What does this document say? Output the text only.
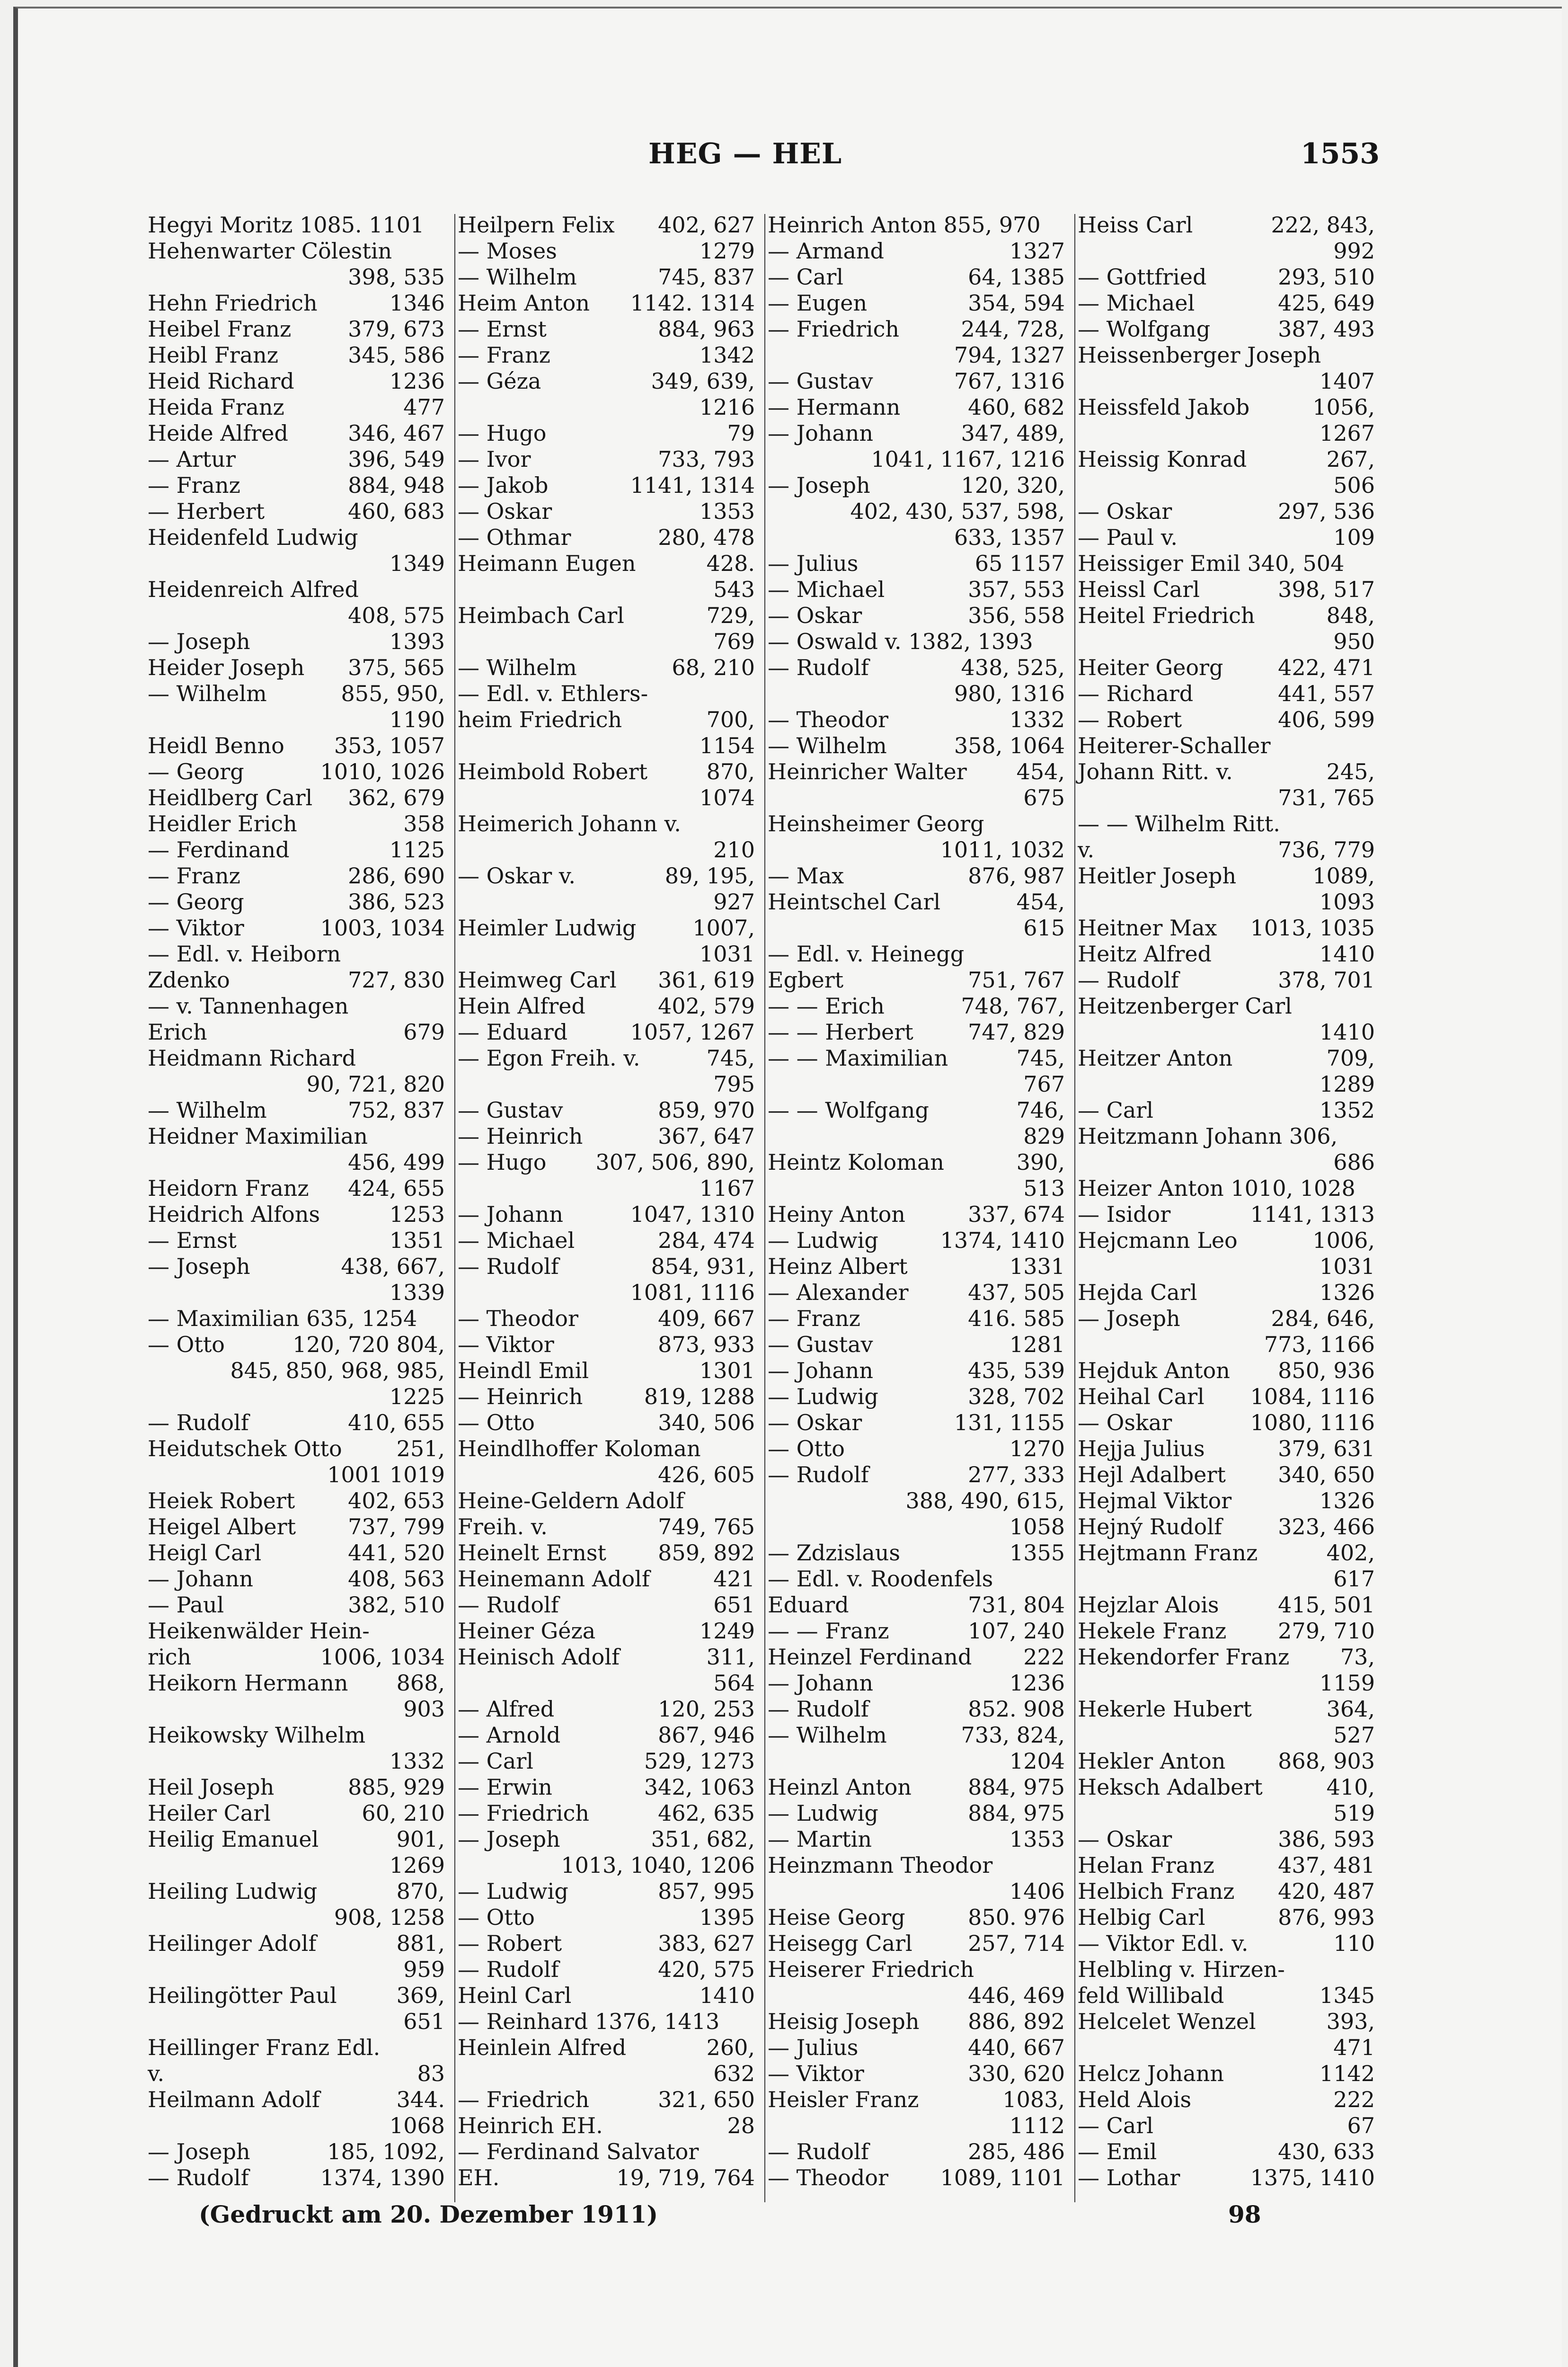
HEG — HEL	1553
Hegyi Moritz 1085. 1101
Hehenwarter Cölestin
398, 535
Hehn Friedrich	1346
Heibel Franz	379, 673
Heibl Franz	345, 586
Heid Richard	1236
Heida Franz	477
Heide Alfred	346, 467
— Artur	396, 549
— Franz	884, 948
— Herbert	460, 683
Heidenfeld Ludwig
1349
Heidenreich Alfred
408, 575
— Joseph	1393
Heider Joseph 375, 565
— Wilhelm	855, 950,
1190
Heidl Benno 353, 1057
— Georg	1010, 1026
Heidlberg Carl 362, 679
Heidler Erich	358
— Ferdinand	1125
— Franz	286, 690
— Georg	386, 523
— Viktor	1003, 1034
— Edl. v. Heiborn
Zdenko	727, 830
— v. Tannenhagen
Erich	679
Heidmann Richard
90, 721, 820
— Wilhelm	752, 837
Heidner Maximilian
456, 499
Heidorn Franz 424, 655
Heidrich Alfons	1253
— Ernst	1351
— Joseph	438, 667,
1339
— Maximilian 635, 1254
— Otto	120, 720 804,
845, 850, 968, 985,
1225
— Rudolf	410, 655
Heidutschek Otto 251,
1001 1019
Heiek Robert 402, 653
Heigel Albert 737, 799
Heigl Carl	441, 520
— Johann	408, 563
— Paul	382, 510
Heikenwälder Hein-
rich	1006, 1034
Heikorn Hermann 868,
903
Heikowsky Wilhelm
1332
Heil Joseph	885, 929
Heiler Carl	60, 210
Heilig Emanuel	901,
1269
Heiling Ludwig	870,
908, 1258
Heilinger Adolf	881,
959
Heilingötter Paul	369,
651
Heillinger Franz Edl.
v.	83
Heilmann Adolf	344.
1068
— Joseph	185, 1092,
— Rudolf	1374, 1390
Heilpern Felix 402, 627
— Moses	1279
— Wilhelm	745, 837
Heim Anton 1142. 1314
— Ernst	884, 963
— Franz	1342
— Géza	349, 639,
1216
— Hugo	79
— Ivor	733, 793
— Jakob	1141, 1314
— Oskar	1353
— Othmar	280, 478
Heimann Eugen	428.
543
Heimbach Carl	729,
769
— Wilhelm	68, 210
— Edl. v. Ethlers-
heim Friedrich	700,
1154
Heimbold Robert	870,
1074
Heimerich Johann v.
210
— Oskar v.	89, 195,
927
Heimler Ludwig	1007,
1031
Heimweg Carl 361, 619
Hein Alfred	402, 579
— Eduard	1057, 1267
— Egon Freih. v.	745,
795
— Gustav	859, 970
— Heinrich	367, 647
— Hugo 307, 506, 890,
1167
— Johann	1047, 1310
— Michael	284, 474
— Rudolf	854, 931,
1081, 1116
— Theodor	409, 667
— Viktor	873, 933
Heindl Emil	1301
— Heinrich	819, 1288
— Otto	340, 506
Heindlhoffer Koloman
426, 605
Heine-Geldern Adolf
Freih. v.	749, 765
Heinelt Ernst 859, 892
Heinemann Adolf	421
— Rudolf	651
Heiner Géza	1249
Heinisch Adolf	311,
564
— Alfred	120, 253
— Arnold	867, 946
— Carl	529, 1273
— Erwin	342, 1063
— Friedrich	462, 635
— Joseph	351, 682,
1013, 1040, 1206
— Ludwig	857, 995
— Otto	1395
— Robert	383, 627
— Rudolf	420, 575
Heinl Carl	1410
— Reinhard 1376, 1413
Heinlein Alfred	260,
632
— Friedrich	321, 650
Heinrich EH.	28
— Ferdinand Salvator
EH.	19, 719, 764
Heinrich Anton 855, 970
— Armand	1327
— Carl	64, 1385
— Eugen	354, 594
— Friedrich	244, 728,
794, 1327
— Gustav	767, 1316
— Hermann	460, 682
— Johann	347, 489,
1041, 1167, 1216
— Joseph	120, 320,
402, 430, 537, 598,
633, 1357
— Julius	65 1157
— Michael	357, 553
— Oskar	356, 558
— Oswald v. 1382, 1393
— Rudolf	438, 525,
980, 1316
— Theodor	1332
— Wilhelm	358, 1064
Heinricher Walter 454,
675
Heinsheimer Georg
1011, 1032
— Max	876, 987
Heintschel Carl	454,
615
— Edl. v. Heinegg
Egbert	751, 767
— — Erich	748, 767,
— — Herbert	747, 829
— — Maximilian	745,
767
— — Wolfgang	746,
829
Heintz Koloman	390,
513
Heiny Anton	337, 674
— Ludwig	1374, 1410
Heinz Albert	1331
— Alexander	437, 505
— Franz	416. 585
— Gustav	1281
— Johann	435, 539
— Ludwig	328, 702
— Oskar	131, 1155
— Otto	1270
— Rudolf	277, 333
388, 490, 615,
1058
— Zdzislaus	1355
— Edl. v. Roodenfels
Eduard	731, 804
— — Franz	107, 240
Heinzel Ferdinand 222
— Johann	1236
— Rudolf	852. 908
— Wilhelm	733, 824,
1204
Heinzl Anton	884, 975
— Ludwig	884, 975
— Martin	1353
Heinzmann Theodor
1406
Heise Georg	850. 976
Heisegg Carl	257, 714
Heiserer Friedrich
446, 469
Heisig Joseph 886, 892
— Julius	440, 667
— Viktor	330, 620
Heisler Franz	1083,
1112
— Rudolf	285, 486
— Theodor 1089, 1101
Heiss Carl	222, 843,
992
— Gottfried	293, 510
— Michael	425, 649
— Wolfgang	387, 493
Heissenberger Joseph
1407
Heissfeld Jakob	1056,
1267
Heissig Konrad	267,
506
— Oskar	297, 536
— Paul v.	109
Heissiger Emil 340, 504
Heissl Carl	398, 517
Heitel Friedrich	848,
950
Heiter Georg	422, 471
— Richard	441, 557
— Robert	406, 599
Heiterer-Schaller
Johann Ritt. v.	245,
731, 765
— — Wilhelm Ritt.
v.	736, 779
Heitler Joseph	1089,
1093
Heitner Max 1013, 1035
Heitz Alfred	1410
— Rudolf	378, 701
Heitzenberger Carl
1410
Heitzer Anton	709,
1289
— Carl	1352
Heitzmann Johann 306,
686
Heizer Anton 1010, 1028
— Isidor	1141, 1313
Hejcmann Leo	1006,
1031
Hejda Carl	1326
— Joseph	284, 646,
773, 1166
Hejduk Anton 850, 936
Heihal Carl 1084, 1116
— Oskar	1080, 1116
Hejja Julius	379, 631
Hejl Adalbert 340, 650
Hejmal Viktor	1326
Hejný Rudolf	323, 466
Hejtmann Franz	402,
617
Hejzlar Alois	415, 501
Hekele Franz 279, 710
Hekendorfer Franz 73,
1159
Hekerle Hubert	364,
527
Hekler Anton 868, 903
Heksch Adalbert	410,
519
— Oskar	386, 593
Helan Franz	437, 481
Helbich Franz 420, 487
Helbig Carl	876, 993
— Viktor Edl. v.	110
Helbling v. Hirzen-
feld Willibald	1345
Helcelet Wenzel	393,
471
Helcz Johann	1142
Held Alois	222
— Carl	67
— Emil	430, 633
— Lothar	1375, 1410
(Gedruckt am 20. Dezember 1911)	98
